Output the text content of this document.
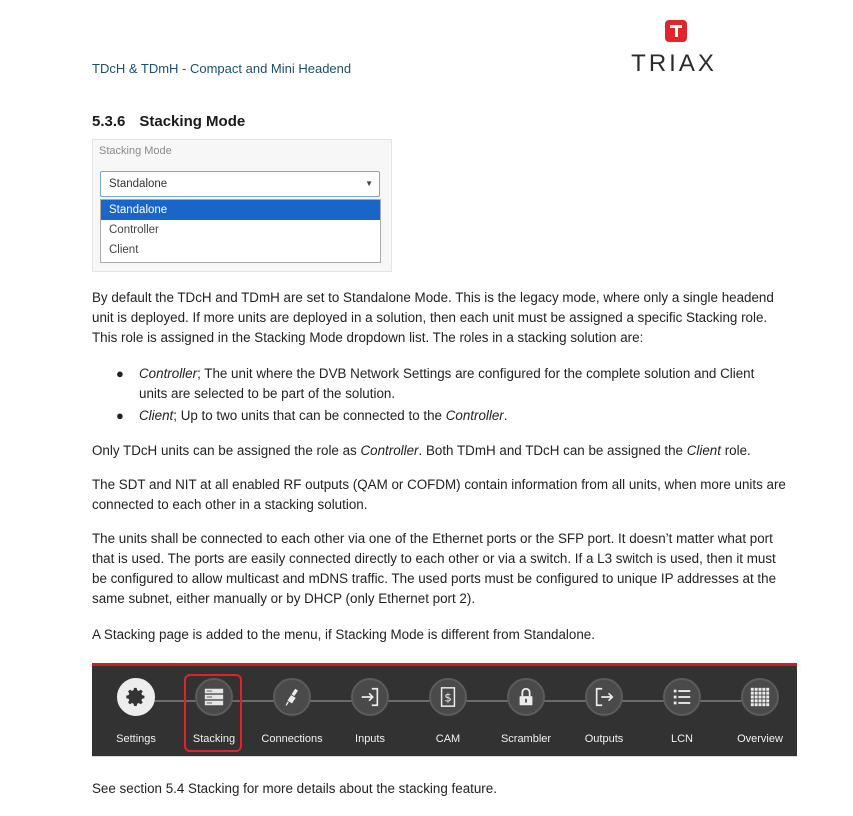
TDcH & TDmH - Compact and Mini Headend	TRIAX
5.3.6 Stacking Mode
Stacking Mode
Standalone	▼
Standalone
Controller
Client
By default the TDcH and TDmH are set to Standalone Mode. This is the legacy mode, where only a single headend
unit is deployed. If more units are deployed in a solution, then each unit must be assigned a specific Stacking role.
This role is assigned in the Stacking Mode dropdown list. The roles in a stacking solution are:
● Controller; The unit where the DVB Network Settings are configured for the complete solution and Client
units are selected to be part of the solution.
● Client; Up to two units that can be connected to the Controller.
Only TDcH units can be assigned the role as Controller. Both TDmH and TDcH can be assigned the Client role.
The SDT and NIT at all enabled RF outputs (QAM or COFDM) contain information from all units, when more units are
connected to each other in a stacking solution.
The units shall be connected to each other via one of the Ethernet ports or the SFP port. It doesn’t matter what port
that is used. The ports are easily connected directly to each other or via a switch. If a L3 switch is used, then it must
be configured to allow multicast and mDNS traffic. The used ports must be configured to unique IP addresses at the
same subnet, either manually or by DHCP (only Ethernet port 2).
A Stacking page is added to the menu, if Stacking Mode is different from Standalone.
Settings	Stacking	Connections	Inputs
$
CAM	Scrambler	Outputs	LCN	Overview
See section 5.4 Stacking for more details about the stacking feature.
